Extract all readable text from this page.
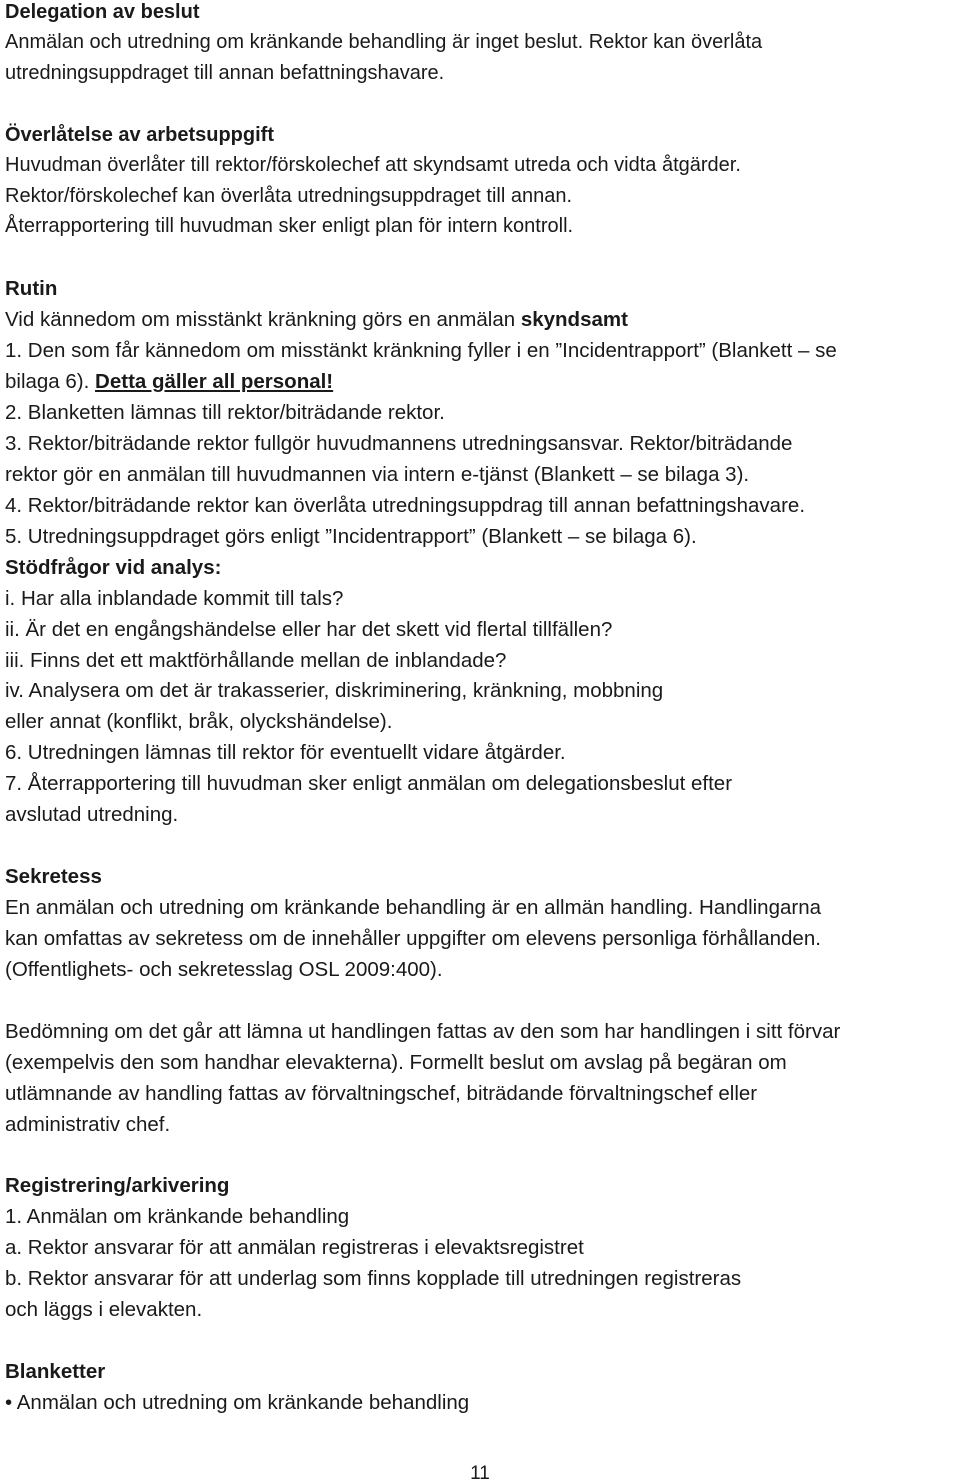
Delegation av beslut
Anmälan och utredning om kränkande behandling är inget beslut. Rektor kan överlåta
utredningsuppdraget till annan befattningshavare.
Överlåtelse av arbetsuppgift
Huvudman överlåter till rektor/förskolechef att skyndsamt utreda och vidta åtgärder.
Rektor/förskolechef kan överlåta utredningsuppdraget till annan.
Återrapportering till huvudman sker enligt plan för intern kontroll.
Rutin
Vid kännedom om misstänkt kränkning görs en anmälan skyndsamt
1. Den som får kännedom om misstänkt kränkning fyller i en ”Incidentrapport” (Blankett – se
bilaga 6). Detta gäller all personal!
2. Blanketten lämnas till rektor/biträdande rektor.
3. Rektor/biträdande rektor fullgör huvudmannens utredningsansvar. Rektor/biträdande
rektor gör en anmälan till huvudmannen via intern e-tjänst (Blankett – se bilaga 3).
4. Rektor/biträdande rektor kan överlåta utredningsuppdrag till annan befattningshavare.
5. Utredningsuppdraget görs enligt ”Incidentrapport” (Blankett – se bilaga 6).
Stödfrågor vid analys:
i. Har alla inblandade kommit till tals?
ii. Är det en engångshändelse eller har det skett vid flertal tillfällen?
iii. Finns det ett maktförhållande mellan de inblandade?
iv. Analysera om det är trakasserier, diskriminering, kränkning, mobbning
eller annat (konflikt, bråk, olyckshändelse).
6. Utredningen lämnas till rektor för eventuellt vidare åtgärder.
7. Återrapportering till huvudman sker enligt anmälan om delegationsbeslut efter
avslutad utredning.
Sekretess
En anmälan och utredning om kränkande behandling är en allmän handling. Handlingarna
kan omfattas av sekretess om de innehåller uppgifter om elevens personliga förhållanden.
(Offentlighets- och sekretesslag OSL 2009:400).
Bedömning om det går att lämna ut handlingen fattas av den som har handlingen i sitt förvar
(exempelvis den som handhar elevakterna). Formellt beslut om avslag på begäran om
utlämnande av handling fattas av förvaltningschef, biträdande förvaltningschef eller
administrativ chef.
Registrering/arkivering
1. Anmälan om kränkande behandling
a. Rektor ansvarar för att anmälan registreras i elevaktsregistret
b. Rektor ansvarar för att underlag som finns kopplade till utredningen registreras
och läggs i elevakten.
Blanketter
• Anmälan och utredning om kränkande behandling
11
